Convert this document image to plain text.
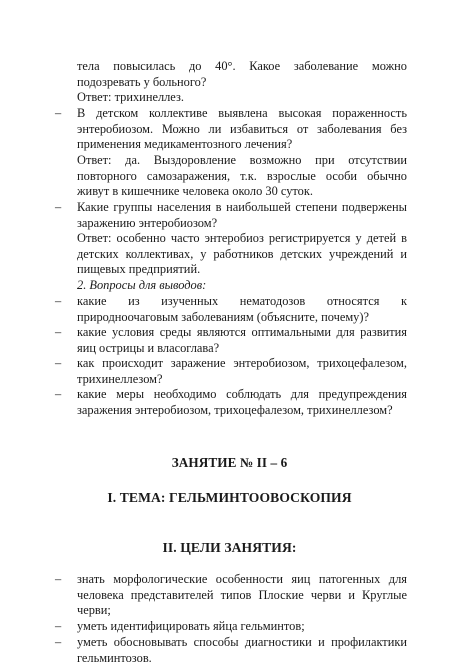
тела повысилась до 40°. Какое заболевание можно подозревать у больного?
Ответ: трихинеллез.
– В детском коллективе выявлена высокая пораженность энтеробиозом. Можно ли избавиться от заболевания без применения медикаментозного лечения?
Ответ: да. Выздоровление возможно при отсутствии повторного самозаражения, т.к. взрослые особи обычно живут в кишечнике человека около 30 суток.
– Какие группы населения в наибольшей степени подвержены заражению энтеробиозом?
Ответ: особенно часто энтеробиоз регистрируется у детей в детских коллективах, у работников детских учреждений и пищевых предприятий.
2. Вопросы для выводов:
– какие из изученных нематодозов относятся к природноочаговым заболеваниям (объясните, почему)?
– какие условия среды являются оптимальными для развития яиц острицы и власоглава?
– как происходит заражение энтеробиозом, трихоцефалезом, трихинеллезом?
– какие меры необходимо соблюдать для предупреждения заражения энтеробиозом, трихоцефалезом, трихинеллезом?
ЗАНЯТИЕ № II – 6
I. ТЕМА: ГЕЛЬМИНТООВОСКОПИЯ
II. ЦЕЛИ ЗАНЯТИЯ:
– знать морфологические особенности яиц патогенных для человека представителей типов Плоские черви и Круглые черви;
– уметь идентифицировать яйца гельминтов;
– уметь обосновывать способы диагностики и профилактики гельминтозов.
